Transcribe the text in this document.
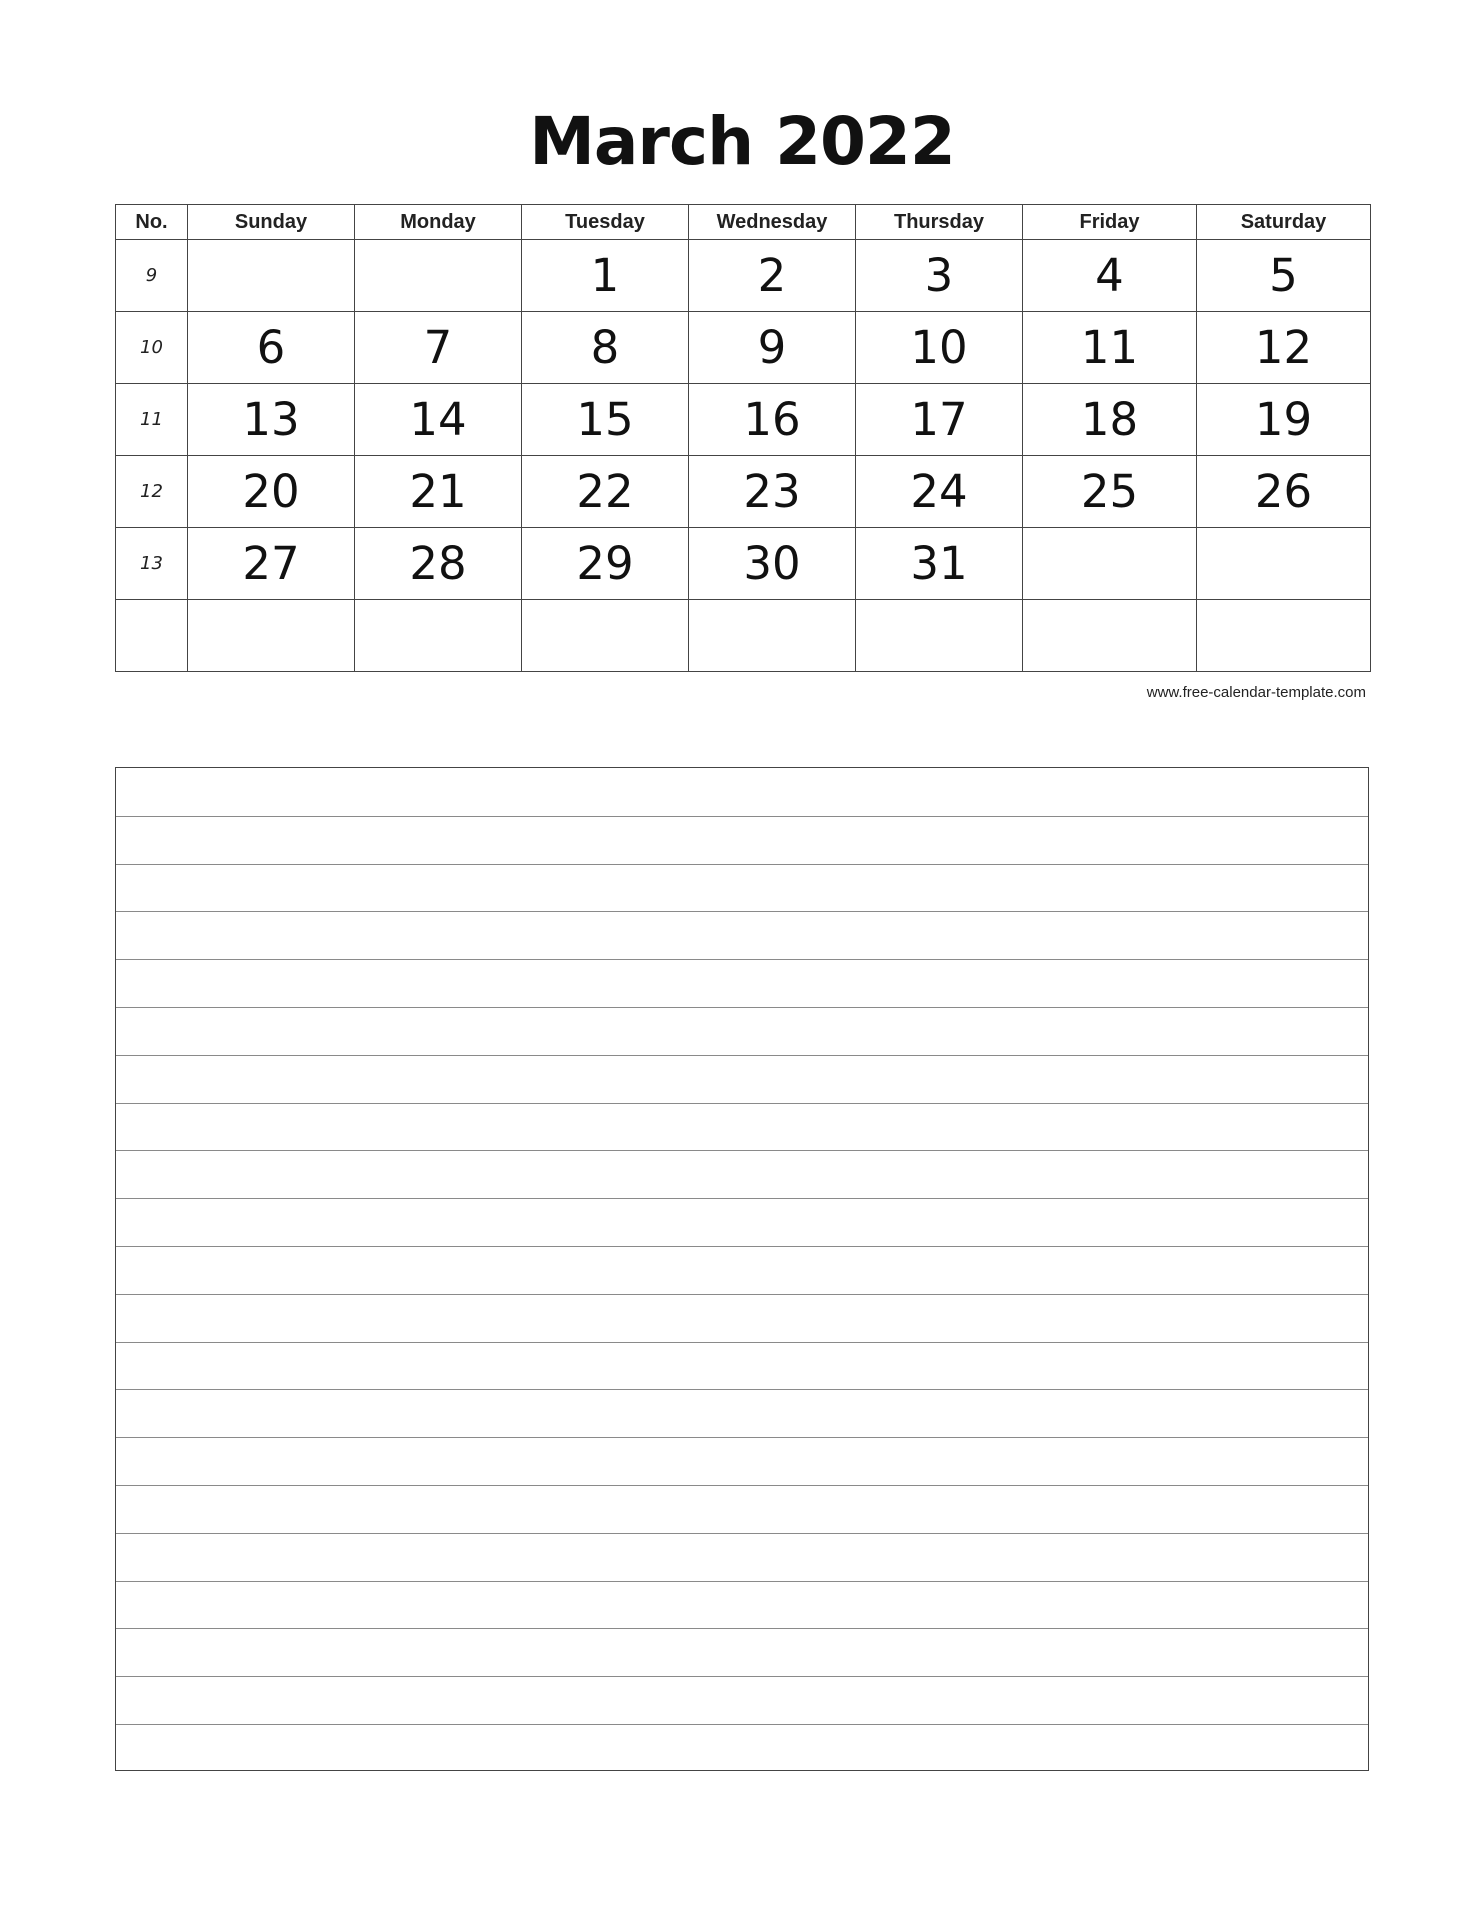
March 2022
No.	Sunday	Monday	Tuesday	Wednesday	Thursday	Friday	Saturday
9			1	2	3	4	5
10	6	7	8	9	10	11	12
11	13	14	15	16	17	18	19
12	20	21	22	23	24	25	26
13	27	28	29	30	31		

www.free-calendar-template.com
